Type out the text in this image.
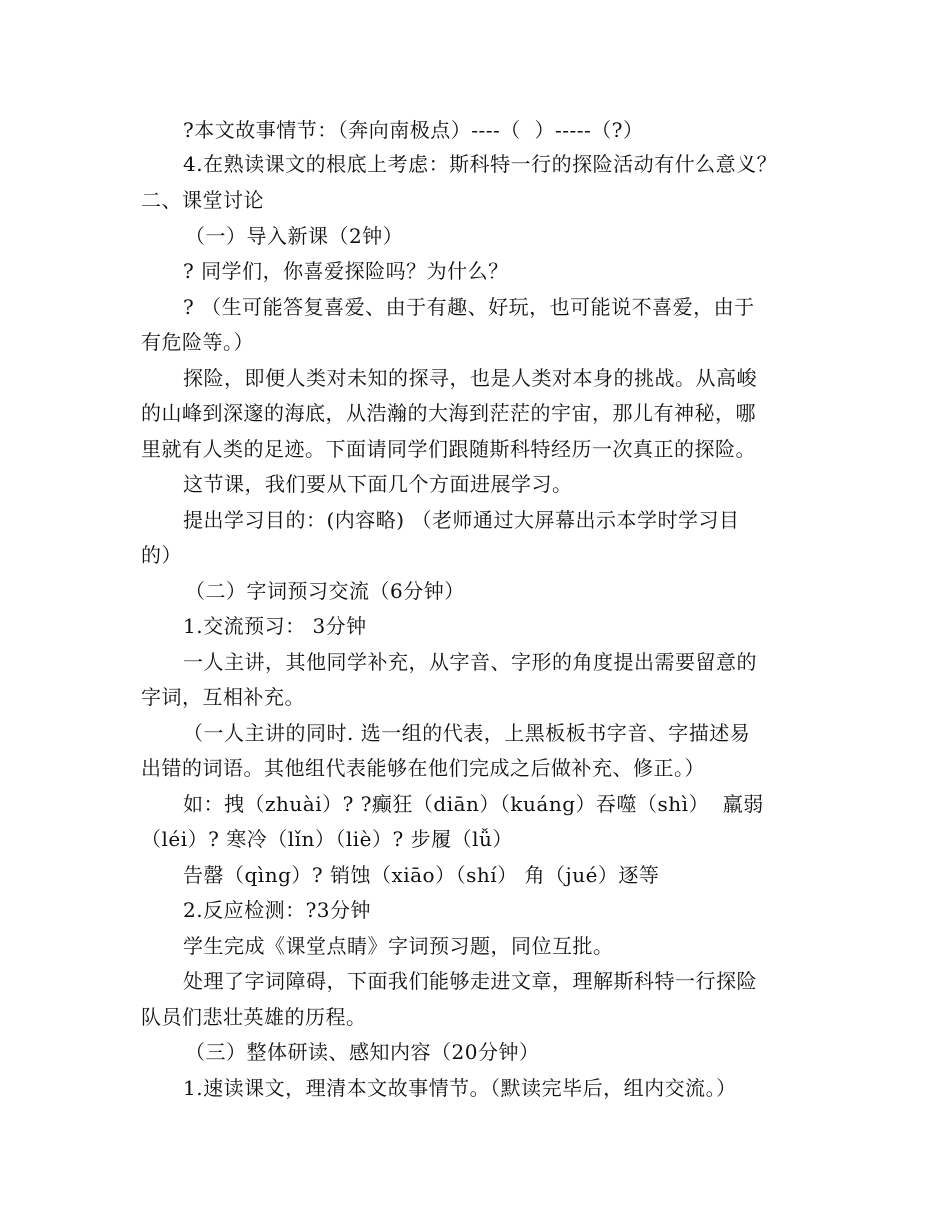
?本文故事情节：（奔向南极点）----（  ）-----（?）
4.在熟读课文的根底上考虑：斯科特一行的探险活动有什么意义？
二、课堂讨论
（一）导入新课（2钟）
? 同学们，你喜爱探险吗？为什么？
? （生可能答复喜爱、由于有趣、好玩，也可能说不喜爱，由于
有危险等。）
探险，即便人类对未知的探寻，也是人类对本身的挑战。从高峻
的山峰到深邃的海底，从浩瀚的大海到茫茫的宇宙，那儿有神秘，哪
里就有人类的足迹。下面请同学们跟随斯科特经历一次真正的探险。
这节课，我们要从下面几个方面进展学习。
提出学习目的：(内容略) （老师通过大屏幕出示本学时学习目
的）
（二）字词预习交流（6分钟）
1.交流预习： 3分钟
一人主讲，其他同学补充，从字音、字形的角度提出需要留意的
字词，互相补充。
（一人主讲的同时. 选一组的代表，上黑板板书字音、字描述易
出错的词语。其他组代表能够在他们完成之后做补充、修正。）
如：拽（zhuài）? ?癫狂（diān）（kuáng）吞噬（shì）  羸弱
（léi）? 寒冷（lǐn）（liè）? 步履（lǚ）
告罄（qìng）? 销蚀（xiāo）（shí） 角（jué）逐等
2.反应检测：?3分钟
学生完成《课堂点睛》字词预习题，同位互批。
处理了字词障碍，下面我们能够走进文章，理解斯科特一行探险
队员们悲壮英雄的历程。
（三）整体研读、感知内容（20分钟）
1.速读课文，理清本文故事情节。（默读完毕后，组内交流。）
